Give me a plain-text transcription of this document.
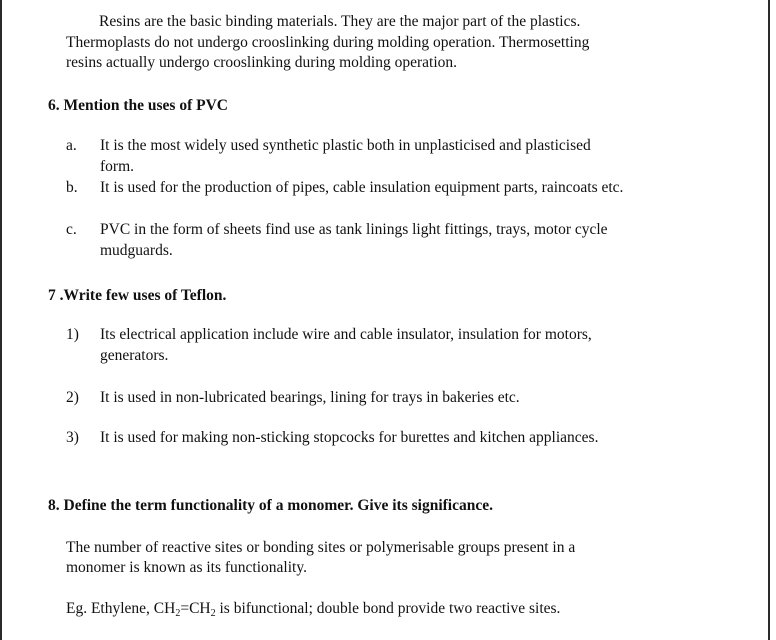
Resins are the basic binding materials. They are the major part of the plastics.
Thermoplasts do not undergo crooslinking during molding operation. Thermosetting
resins actually undergo crooslinking during molding operation.
6. Mention the uses of PVC
a.	It is the most widely used synthetic plastic both in unplasticised and plasticised
form.
b.	It is used for the production of pipes, cable insulation equipment parts, raincoats etc.
c.	PVC in the form of sheets find use as tank linings light fittings, trays, motor cycle
mudguards.
7 .Write few uses of Teflon.
1)	Its electrical application include wire and cable insulator, insulation for motors,
generators.
2)	It is used in non-lubricated bearings, lining for trays in bakeries etc.
3)	It is used for making non-sticking stopcocks for burettes and kitchen appliances.
8. Define the term functionality of a monomer. Give its significance.
The number of reactive sites or bonding sites or polymerisable groups present in a
monomer is known as its functionality.
Eg. Ethylene, $CH_2=CH_2$ is bifunctional; double bond provide two reactive sites.
